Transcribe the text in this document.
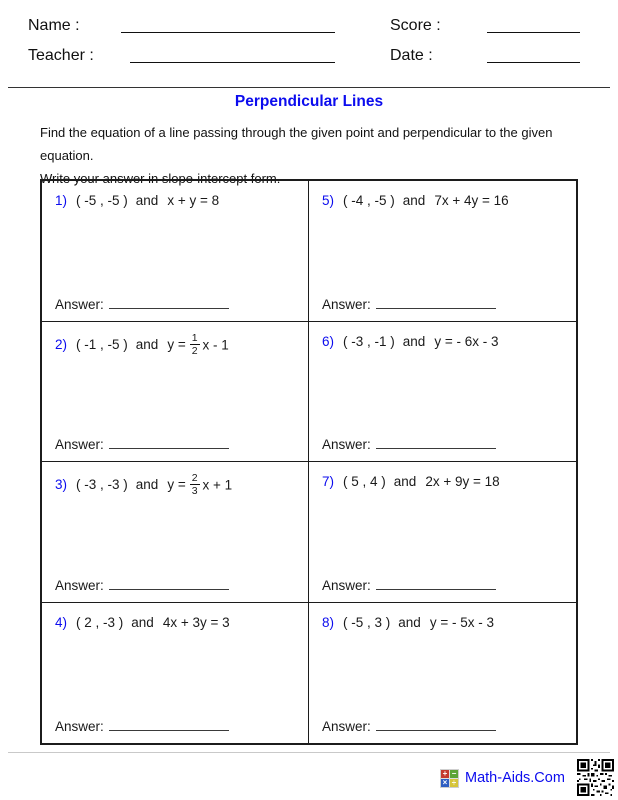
Name :	Score :
Teacher :	Date :
Perpendicular Lines
Find the equation of a line passing through the given point and perpendicular to the given equation.
Write your answer in slope-intercept form.
1) ( -5 , -5 ) and x + y = 8
Answer:
5) ( -4 , -5 ) and 7x + 4y = 16
Answer:
2) ( -1 , -5 ) and $y = \frac{1}{2}$ x - 1
Answer:
6) ( -3 , -1 ) and y = - 6x - 3
Answer:
3) ( -3 , -3 ) and $y = \frac{2}{3}$ x + 1
Answer:
7) ( 5 , 4 ) and 2x + 9y = 18
Answer:
4) ( 2 , -3 ) and 4x + 3y = 3
Answer:
8) ( -5 , 3 ) and y = - 5x - 3
Answer:
+ −
× ÷ Math-Aids.Com
